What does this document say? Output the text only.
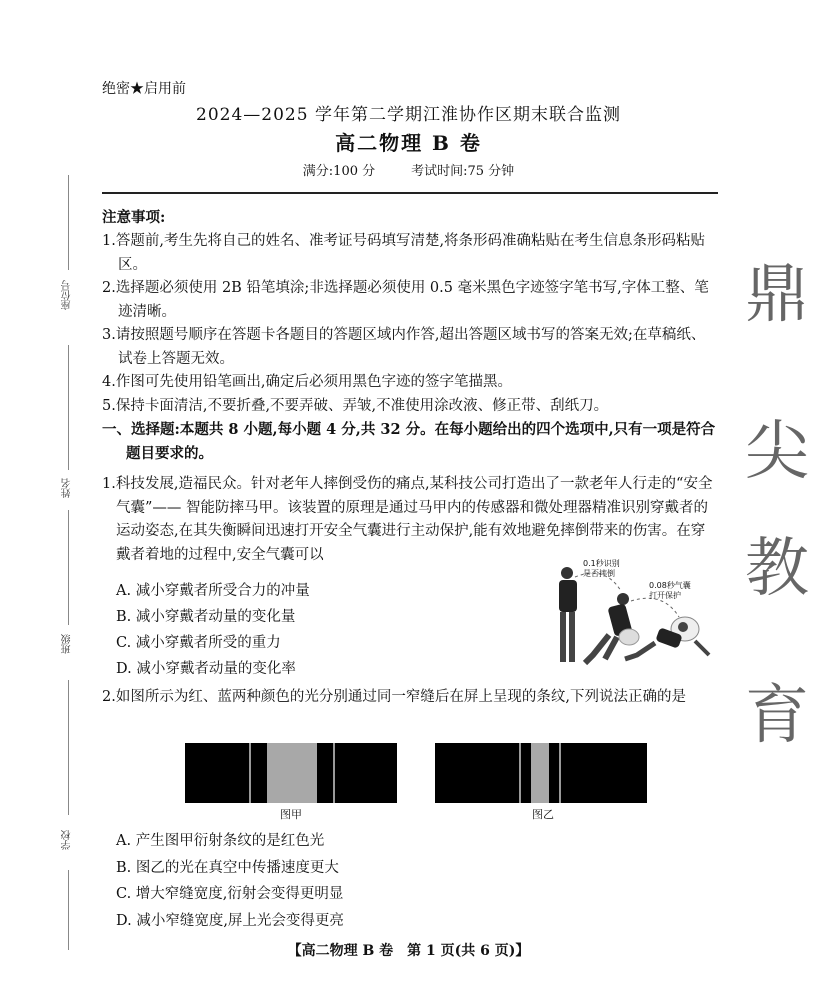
绝密★启用前
2024—2025 学年第二学期江淮协作区期末联合监测
高二物理 B 卷
满分:100 分	考试时间:75 分钟
座位号
姓名
班级
学校
注意事项:
1.答题前,考生先将自己的姓名、准考证号码填写清楚,将条形码准确粘贴在考生信息条形码粘贴区。
2.选择题必须使用 2B 铅笔填涂;非选择题必须使用 0.5 毫米黑色字迹签字笔书写,字体工整、笔迹清晰。
3.请按照题号顺序在答题卡各题目的答题区域内作答,超出答题区域书写的答案无效;在草稿纸、试卷上答题无效。
4.作图可先使用铅笔画出,确定后必须用黑色字迹的签字笔描黑。
5.保持卡面清洁,不要折叠,不要弄破、弄皱,不准使用涂改液、修正带、刮纸刀。
一、选择题:本题共 8 小题,每小题 4 分,共 32 分。在每小题给出的四个选项中,只有一项是符合题目要求的。
1.科技发展,造福民众。针对老年人摔倒受伤的痛点,某科技公司打造出了一款老年人行走的“安全气囊”—— 智能防摔马甲。该装置的原理是通过马甲内的传感器和微处理器精准识别穿戴者的运动姿态,在其失衡瞬间迅速打开安全气囊进行主动保护,能有效地避免摔倒带来的伤害。在穿戴者着地的过程中,安全气囊可以
A. 减小穿戴者所受合力的冲量
B. 减小穿戴者动量的变化量
C. 减小穿戴者所受的重力
D. 减小穿戴者动量的变化率
0.1秒识别
是否摔倒
0.08秒气囊
打开保护
2.如图所示为红、蓝两种颜色的光分别通过同一窄缝后在屏上呈现的条纹,下列说法正确的是
图甲	图乙
A. 产生图甲衍射条纹的是红色光
B. 图乙的光在真空中传播速度更大
C. 增大窄缝宽度,衍射会变得更明显
D. 减小窄缝宽度,屏上光会变得更亮
鼎
尖
教
育
【高二物理 B 卷　第 1 页(共 6 页)】
